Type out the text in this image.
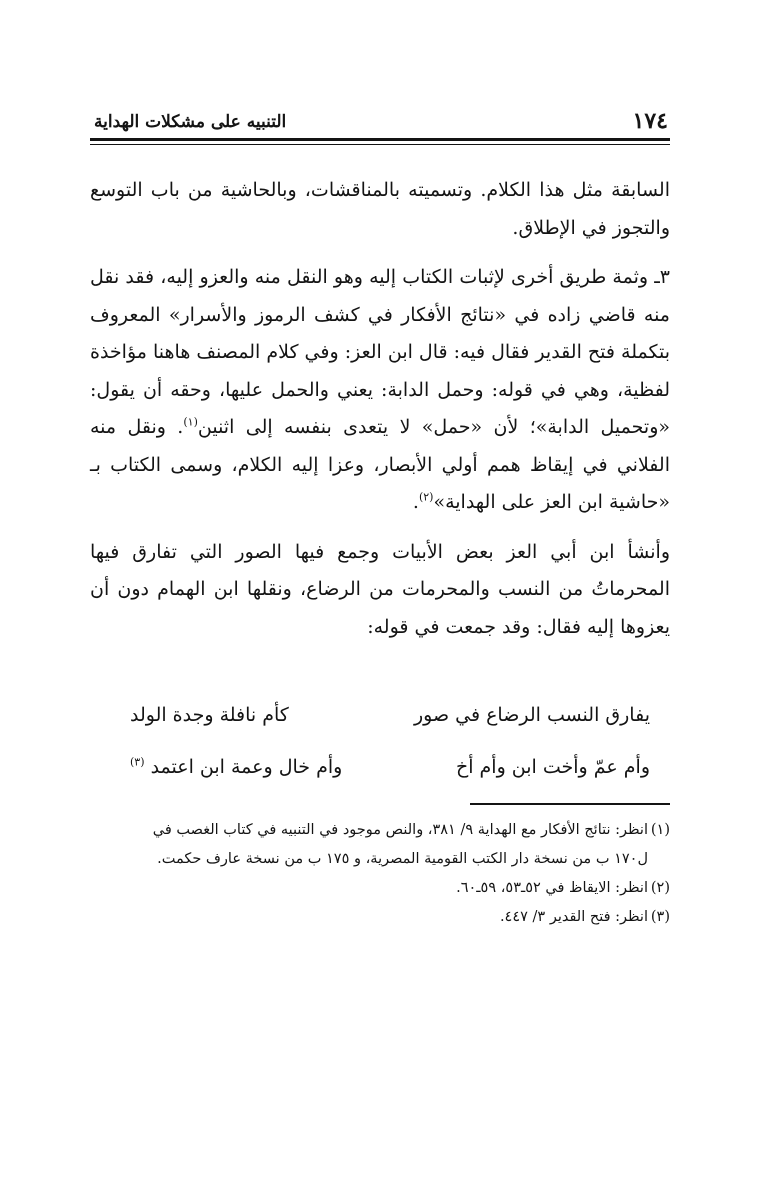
١٧٤
التنبيه على مشكلات الهداية

السابقة مثل هذا الكلام. وتسميته بالمناقشات، وبالحاشية من باب التوسع

والتجوز في الإطلاق.

٣ـ وثمة طريق أخرى لإثبات الكتاب إليه وهو النقل منه والعزو إليه، فقد نقل منه قاضي زاده في «نتائج الأفكار في كشف الرموز والأسرار» المعروف بتكملة فتح القدير فقال فيه: قال ابن العز: وفي كلام المصنف هاهنا مؤاخذة لفظية، وهي في قوله: وحمل الدابة: يعني والحمل عليها، وحقه أن يقول: «وتحميل الدابة»؛ لأن «حمل» لا يتعدى بنفسه إلى اثنين$^{(١)}$. ونقل منه الفلاني في إيقاظ همم أولي الأبصار، وعزا إليه الكلام، وسمى الكتاب بـ «حاشية ابن العز على الهداية»$^{(٢)}$.

وأنشأ ابن أبي العز بعض الأبيات وجمع فيها الصور التي تفارق فيها المحرماتُ من النسب والمحرمات من الرضاع، ونقلها ابن الهمام دون أن يعزوها إليه فقال: وقد جمعت في قوله:

يفارق النسب الرضاع في صور
كأم نافلة وجدة الولد
وأم عمّ وأخت ابن وأم أخ
وأم خال وعمة ابن اعتمد $^{(٣)}$

(١)انظر: نتائج الأفكار مع الهداية ٩/ ٣٨١، والنص موجود في التنبيه في كتاب الغصب في

ل١٧٠ ب من نسخة دار الكتب القومية المصرية، و ١٧٥ ب من نسخة عارف حكمت.

(٢)انظر: الايقاظ في ٥٢ـ٥٣، ٥٩ـ٦٠.

(٣)انظر: فتح القدير ٣/ ٤٤٧.
